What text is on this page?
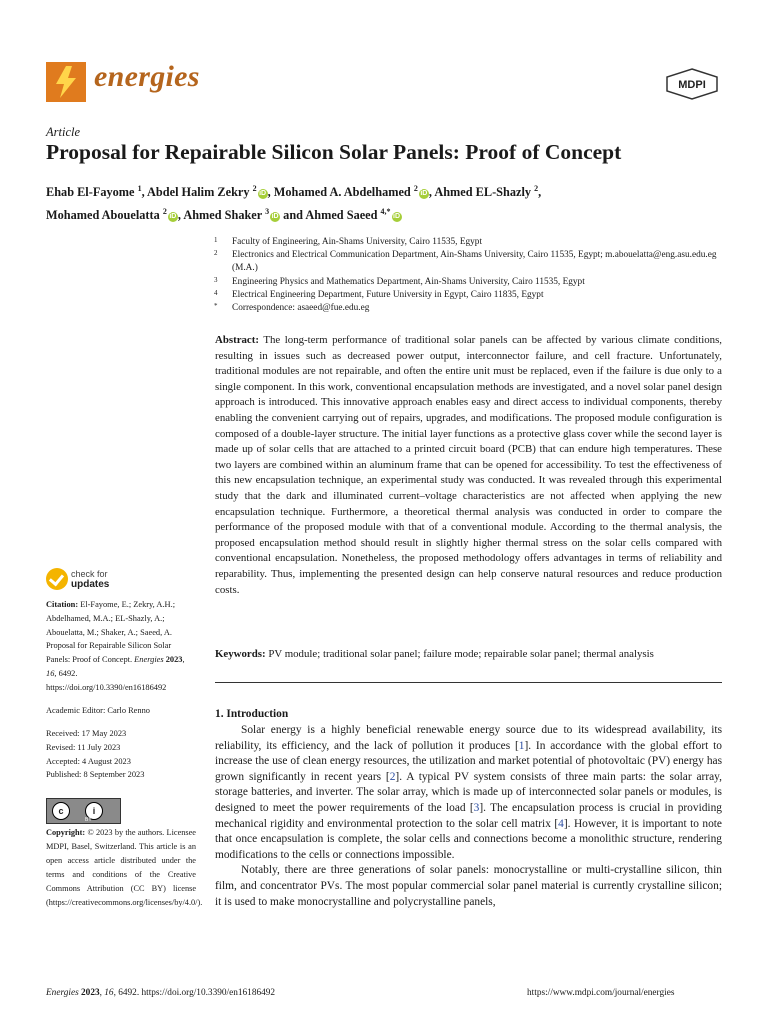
energies	MDPI
Article
Proposal for Repairable Silicon Solar Panels: Proof of Concept
Ehab El-Fayome $^1$, Abdel Halim Zekry $^2$iD , Mohamed A. Abdelhamed $^2$iD , Ahmed EL-Shazly $^2$,
Mohamed Abouelatta $^2$iD , Ahmed Shaker $^3$iD and Ahmed Saeed $^{4,*}$iD
1 Faculty of Engineering, Ain-Shams University, Cairo 11535, Egypt
2 Electronics and Electrical Communication Department, Ain-Shams University, Cairo 11535, Egypt; m.abouelatta@eng.asu.edu.eg (M.A.)
3 Engineering Physics and Mathematics Department, Ain-Shams University, Cairo 11535, Egypt
4 Electrical Engineering Department, Future University in Egypt, Cairo 11835, Egypt
* Correspondence: asaeed@fue.edu.eg
Abstract: The long-term performance of traditional solar panels can be affected by various climate conditions, resulting in issues such as decreased power output, interconnector failure, and cell fracture. Unfortunately, traditional modules are not repairable, and often the entire unit must be replaced, even if the failure is due only to a single component. In this work, conventional encapsulation methods are investigated, and a novel solar panel design approach is introduced. This innovative approach enables easy and direct access to individual components, thereby enabling the convenient carrying out of repairs, upgrades, and modifications. The proposed module configuration is composed of a double-layer structure. The initial layer functions as a protective glass cover while the second layer is made up of solar cells that are attached to a printed circuit board (PCB) that can endure high temperatures. These two layers are combined within an aluminum frame that can be opened for accessibility. To test the effectiveness of this new encapsulation technique, an experimental study was conducted. It was revealed through this experimental study that the dark and illuminated current–voltage characteristics are not affected when applying the new encapsulation technique. Furthermore, a theoretical thermal analysis was conducted in order to compare the performance of the proposed module with that of a conventional module. According to the thermal analysis, the proposed encapsulation method should result in slightly higher thermal stress on the solar cells compared with conventional encapsulation. Nonetheless, the proposed methodology offers advantages in terms of reliability and reparability. Thus, implementing the presented design can help conserve natural resources and reduce production costs.
Keywords: PV module; traditional solar panel; failure mode; repairable solar panel; thermal analysis
check for
updates
Citation: El-Fayome, E.; Zekry, A.H.; Abdelhamed, M.A.; EL-Shazly, A.; Abouelatta, M.; Shaker, A.; Saeed, A. Proposal for Repairable Silicon Solar Panels: Proof of Concept. Energies 2023, 16, 6492. https://doi.org/10.3390/en16186492
Academic Editor: Carlo Renno
Received: 17 May 2023
Revised: 11 July 2023
Accepted: 4 August 2023
Published: 8 September 2023
c	i
BY
Copyright: © 2023 by the authors. Licensee MDPI, Basel, Switzerland. This article is an open access article distributed under the terms and conditions of the Creative Commons Attribution (CC BY) license (https://creativecommons.org/licenses/by/4.0/).
1. Introduction

Solar energy is a highly beneficial renewable energy source due to its widespread availability, its reliability, its efficiency, and the lack of pollution it produces [1]. In accordance with the global effort to increase the use of clean energy resources, the utilization and market potential of photovoltaic (PV) energy has grown significantly in recent years [2]. A typical PV system consists of three main parts: the solar array, storage batteries, and inverter. The solar array, which is made up of interconnected solar panels or modules, is designed to meet the power requirements of the load [3]. The encapsulation process is crucial in providing mechanical rigidity and environmental protection to the solar cell matrix [4]. However, it is important to note that once encapsulation is complete, the solar cells and connections become a monolithic structure, rendering modifications to the cells or connections impossible.

Notably, there are three generations of solar panels: monocrystalline or multi-crystalline silicon, thin film, and concentrator PVs. The most popular commercial solar panel material is currently crystalline silicon; it is used to make monocrystalline and polycrystalline panels,

Energies 2023, 16, 6492. https://doi.org/10.3390/en16186492	https://www.mdpi.com/journal/energies
